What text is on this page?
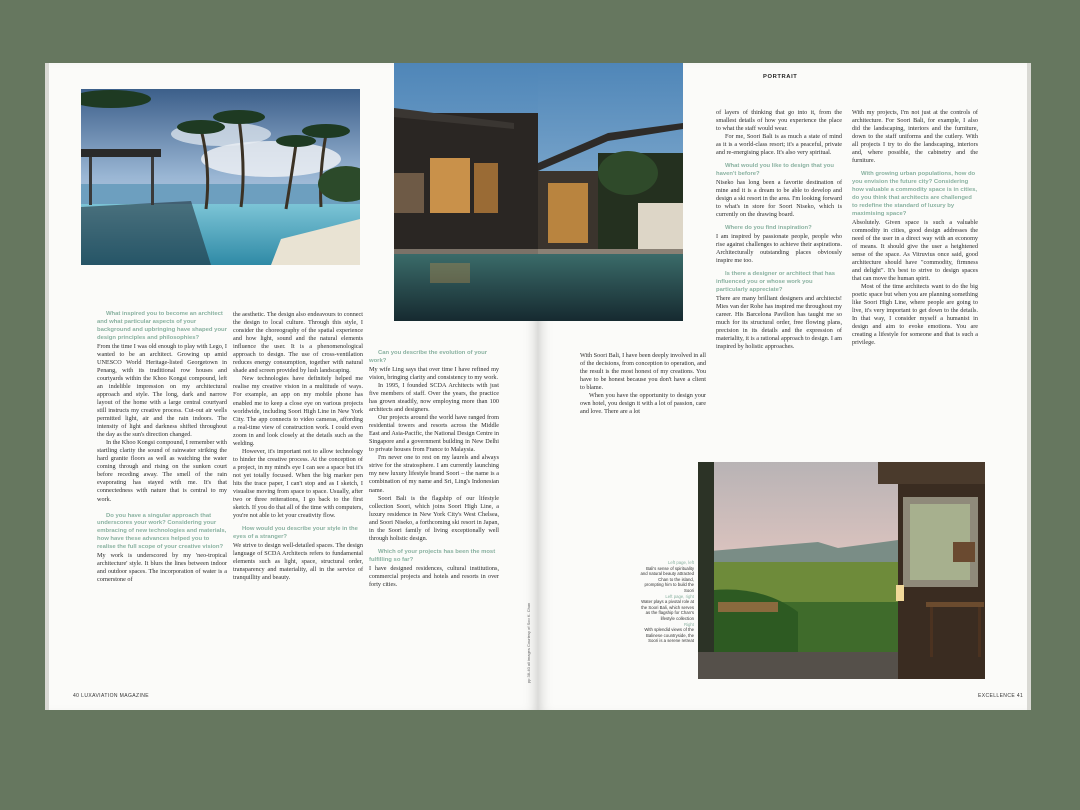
What inspired you to become an architect and what particular aspects of your background and upbringing have shaped your design principles and philosophies?

From the time I was old enough to play with Lego, I wanted to be an architect. Growing up amid UNESCO World Heritage-listed Georgetown in Penang, with its traditional row houses and courtyards within the Khoo Kongsi compound, left an indelible impression on my architectural approach and style. The long, dark and narrow layout of the home with a large central courtyard still instructs my creative process. Cut-out air wells permitted light, air and the rain indoors. The intensity of light and darkness shifted throughout the day as the sun's direction changed.

In the Khoo Kongsi compound, I remember with startling clarity the sound of rainwater striking the hard granite floors as well as watching the water coming through and rising on the sunken court before receding away. The smell of the rain evaporating has stayed with me. It's that connectedness with nature that is central to my work.

Do you have a singular approach that underscores your work? Considering your embracing of new technologies and materials, how have these advances helped you to realise the full scope of your creative vision?

My work is underscored by my 'neo-tropical architecture' style. It blurs the lines between indoor and outdoor spaces. The incorporation of water is a cornerstone of

the aesthetic. The design also endeavours to connect the design to local culture. Through this style, I consider the choreography of the spatial experience and how light, sound and the natural elements influence the user. It is a phenomenological approach to design. The use of cross-ventilation reduces energy consumption, together with natural shade and screen provided by lush landscaping.

New technologies have definitely helped me realise my creative vision in a multitude of ways. For example, an app on my mobile phone has enabled me to keep a close eye on various projects worldwide, including Soori High Line in New York City. The app connects to video cameras, affording a real-time view of construction work. I could even zoom in and look closely at the details such as the welding.

However, it's important not to allow technology to hinder the creative process. At the conception of a project, in my mind's eye I can see a space but it's not yet totally focused. When the big marker pen hits the trace paper, I can't stop and as I sketch, I visualise moving from space to space. Usually, after two or three reiterations, I go back to the first sketch. If you do that all of the time with computers, you're not able to let your creativity flow.

How would you describe your style in the eyes of a stranger?

We strive to design well-detailed spaces. The design language of SCDA Architects refers to fundamental elements such as light, space, structural order, transparency and materiality, all in the service of tranquillity and beauty.

Can you describe the evolution of your work?

My wife Ling says that over time I have refined my vision, bringing clarity and consistency to my work.

In 1995, I founded SCDA Architects with just five members of staff. Over the years, the practice has grown steadily, now employing more than 100 architects and designers.

Our projects around the world have ranged from residential towers and resorts across the Middle East and Asia-Pacific, the National Design Centre in Singapore and a government building in New Delhi to private houses from France to Malaysia.

I'm never one to rest on my laurels and always strive for the stratosphere. I am currently launching my new luxury lifestyle brand Soori – the name is a combination of my name and Sri, Ling's Indonesian name.

Soori Bali is the flagship of our lifestyle collection Soori, which joins Soori High Line, a luxury residence in New York City's West Chelsea, and Soori Niseko, a forthcoming ski resort in Japan, in the Soori family of living exceptionally well through holistic design.

Which of your projects has been the most fulfilling so far?

I have designed residences, cultural institutions, commercial projects and hotels and resorts in over forty cities.

pp 38-40 all images Courtesy of Soo K. Chan
40 LUXAVIATION MAGAZINE
PORTRAIT

With Soori Bali, I have been deeply involved in all of the decisions, from conception to operation, and the result is the most honest of my creations. You have to be honest because you don't have a client to blame.

When you have the opportunity to design your own hotel, you design it with a lot of passion, care and love. There are a lot

of layers of thinking that go into it, from the smallest details of how you experience the place to what the staff would wear.

For me, Soori Bali is as much a state of mind as it is a world-class resort; it's a peaceful, private and re-energising place. It's also very spiritual.

What would you like to design that you haven't before?

Niseko has long been a favorite destination of mine and it is a dream to be able to develop and design a ski resort in the area. I'm looking forward to what's in store for Soori Niseko, which is currently on the drawing board.

Where do you find inspiration?

I am inspired by passionate people, people who rise against challenges to achieve their aspirations. Architecturally outstanding places obviously inspire me too.

Is there a designer or architect that has influenced you or whose work you particularly appreciate?

There are many brilliant designers and architects! Mies van der Rohe has inspired me throughout my career. His Barcelona Pavilion has taught me so much for its structural order, free flowing plans, precision in its details and the expression of materiality, it is a rational approach to design. I am inspired by holistic approaches.

With my projects, I'm not just at the controls of architecture. For Soori Bali, for example, I also did the landscaping, interiors and the furniture, down to the staff uniforms and the cutlery. With all projects I try to do the landscaping, interiors and, where possible, the cabinetry and the furniture.

With growing urban populations, how do you envision the future city? Considering how valuable a commodity space is in cities, do you think that architects are challenged to redefine the standard of luxury by maximising space?

Absolutely. Given space is such a valuable commodity in cities, good design addresses the need of the user in a direct way with an economy of means. It should give the user a heightened sense of the space. As Vitruvius once said, good architecture should have "commodity, firmness and delight". It's best to strive to design spaces that can move the human spirit.

Most of the time architects want to do the big poetic space but when you are planning something like Soori High Line, where people are going to live, it's very important to get down to the details. In that way, I consider myself a humanist in design and aim to evoke emotions. You are creating a lifestyle for someone and that is such a privilege.

Left page, left
Bali's sense of spirituality and natural beauty attracted Chan to the island, prompting him to build the Soori
Left page, right
Water plays a pivotal role at the Soori Bali, which serves as the flagship for Chan's lifestyle collection
Right
With splendid views of the Balinese countryside, the Soori is a serene retreat
EXCELLENCE 41
